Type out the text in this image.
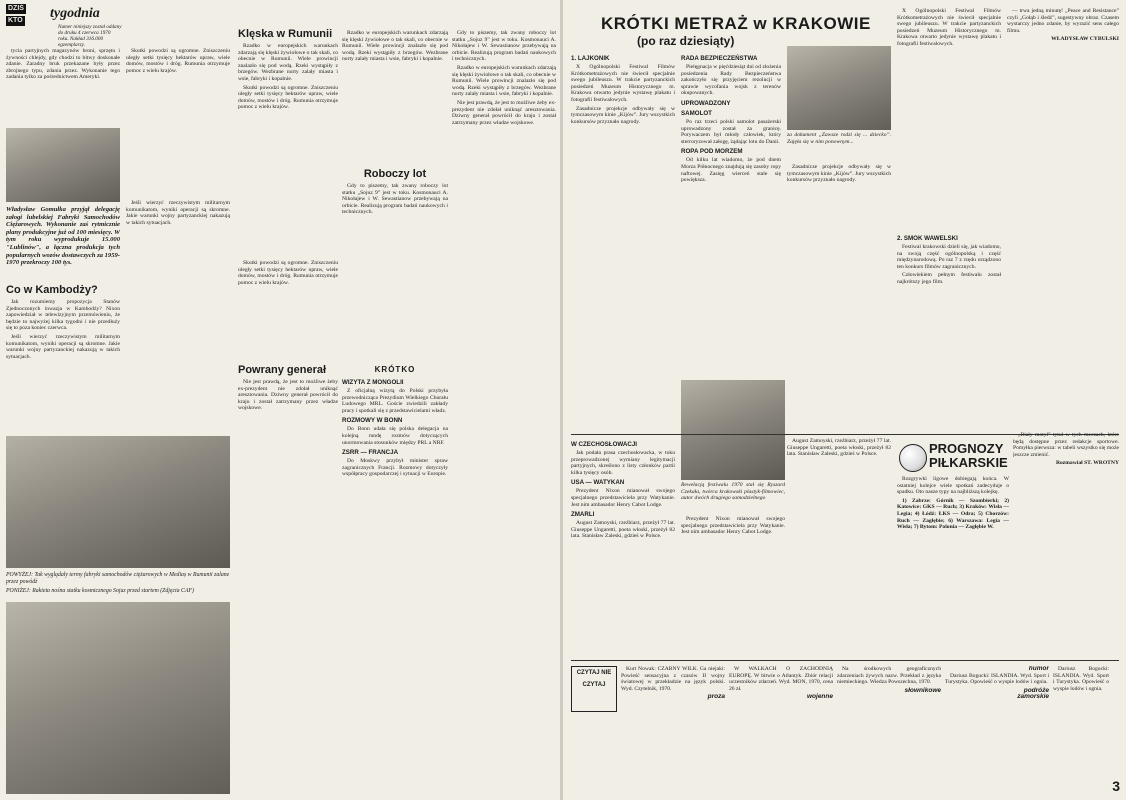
DZIŚ
KTO tygodnia
Numer niniejszy został oddany do druku 4 czerwca 1970 roku. Nakład 316.000 egzemplarzy.

tycia partyjnych magazynów broni, sprzętu i żywności chlejdy, gdy chodzi to bitwy doskonałe zdanie. Zaradny bruk przekazane były przez zbrojnego typu, zdania przez. Wykonanie tego zadania tylko za pośrednictwem Ameryki.

Skutki powodzi są ogromne. Zniszczeniu uległy setki tysięcy hektarów upraw, wiele domów, mostów i dróg. Rumunia otrzymuje pomoc z wielu krajów.

Władysław Gomułka przyjął delegację załogi lubelskiej Fabryki Samochodów Ciężarowych. Wykonanie zaś rytmicznie plany produkcyjne już od 100 miesięcy. W tym roku wyprodukuje 15.000 "Lublinów", a łączna produkcja tych popularnych wozów dostawczych za 1959-1970 przekroczy 100 tys.
Co w Kambodży?

Jak rozumiemy propozycja Stanów Zjednoczonych inwazja w Kambodży? Nixon zapowiedział w telewizyjnym przemówieniu, że będzie to najwyżej kilka tygodni i nie przedłuży się to poza koniec czerwca.

Jeśli wierzyć rzeczywistym militarnym komunikatom, wyniki operacji są skromne. Jakie warunki wojny partyzanckiej nakazują w takich sytuacjach.

Jeśli wierzyć rzeczywistym militarnym komunikatom, wyniki operacji są skromne. Jakie warunki wojny partyzanckiej nakazują w takich sytuacjach.

POWYŻEJ: Tak wyglądały termy fabryki samochodów ciężarowych w Mediaș w Rumunii zalane przez powódź
PONIŻEJ: Rakieta nośna statku kosmicznego Sojuz przed startem (Zdjęcia CAF)
Klęska w Rumunii

Rzadko w europejskich warunkach zdarzają się klęski żywiołowe o tak skali, co obecnie w Rumunii. Wiele prowincji znalazło się pod wodą. Rzeki wystąpiły z brzegów. Wezbrane nurty zalały miasta i wsie, fabryki i kopalnie.

Skutki powodzi są ogromne. Zniszczeniu uległy setki tysięcy hektarów upraw, wiele domów, mostów i dróg. Rumunia otrzymuje pomoc z wielu krajów.

Skutki powodzi są ogromne. Zniszczeniu uległy setki tysięcy hektarów upraw, wiele domów, mostów i dróg. Rumunia otrzymuje pomoc z wielu krajów.

Rzadko w europejskich warunkach zdarzają się klęski żywiołowe o tak skali, co obecnie w Rumunii. Wiele prowincji znalazło się pod wodą. Rzeki wystąpiły z brzegów. Wezbrane nurty zalały miasta i wsie, fabryki i kopalnie.

Roboczy lot

Gdy to piszemy, tak zwany roboczy lot statku „Sojuz 9” jest w toku. Kosmonauci A. Nikołajew i W. Sewastianow przebywają na orbicie. Realizują program badań naukowych i technicznych.

Powrany generał

Nie jest prawdą, że jest to możliwe żeby ex-prezydent nie zdołał uniknąć aresztowania. Dziwny generał powrócił do kraju i został zatrzymany przez władze wojskowe.

KRÓTKO
WIZYTA Z MONGOLII

Z oficjalną wizytą do Polski przybyła przewodnicząca Prezydium Wielkiego Churału Ludowego MRL. Goście zwiedzili zakłady pracy i spotkali się z przedstawicielami władz.

ROZMOWY W BONN

Do Bonn udała się polska delegacja na kolejną rundę rozmów dotyczących unormowania stosunków między PRL a NRF.

ZSRR — FRANCJA

Do Moskwy przybył minister spraw zagranicznych Francji. Rozmowy dotyczyły współpracy gospodarczej i sytuacji w Europie.

Gdy to piszemy, tak zwany roboczy lot statku „Sojuz 9” jest w toku. Kosmonauci A. Nikołajew i W. Sewastianow przebywają na orbicie. Realizują program badań naukowych i technicznych.

Rzadko w europejskich warunkach zdarzają się klęski żywiołowe o tak skali, co obecnie w Rumunii. Wiele prowincji znalazło się pod wodą. Rzeki wystąpiły z brzegów. Wezbrane nurty zalały miasta i wsie, fabryki i kopalnie.

Nie jest prawdą, że jest to możliwe żeby ex-prezydent nie zdołał uniknąć aresztowania. Dziwny generał powrócił do kraju i został zatrzymany przez władze wojskowe.

KRÓTKI METRAŻ w KRAKOWIE
(po raz dziesiąty)
1. LAJKONIK

X Ogólnopolski Festiwal Filmów Krótkometrażowych nie świecił specjalnie swego jubileuszu. W trakcie partyzanckich posiedzeń Muzeum Historycznego m. Krakowa otwarto jedynie wystawę plakatu i fotografii festiwalowych.

Zasadnicze projekcje odbywały się w tymczasowym kinie „Kijów”. Jury wszystkich konkursów przyznało nagrody.

RADA BEZPIECZEŃSTWA

Pielęgnacja w pięćdziesiąt dni od złożenia posiedzenia Rady Bezpieczeństwa zakończyło się przyjęciem rezolucji w sprawie wycofania wojsk z terenów okupowanych.

UPROWADZONY
SAMOLOT

Po raz trzeci polski samolot pasażerski uprowadzony został za granicę. Porywaczem był młody człowiek, który sterroryzował załogę, żądając lotu do Danii.

ROPA POD MORZEM

Od kilku lat wiadomo, że pod dnem Morza Północnego znajdują się zasoby ropy naftowej. Zasięg wierceń stale się powiększa.

za dokument „Zawsze rodzi się ... dziecko”. Zajęła się w nim ponownym...

Zasadnicze projekcje odbywały się w tymczasowym kinie „Kijów”. Jury wszystkich konkursów przyznało nagrody.

X Ogólnopolski Festiwal Filmów Krótkometrażowych nie świecił specjalnie swego jubileuszu. W trakcie partyzanckich posiedzeń Muzeum Historycznego m. Krakowa otwarto jedynie wystawę plakatu i fotografii festiwalowych.

— trwa jedną minutę! „Peace and Resistance” czyli „Gołąb i śledź”, sugestywny obraz. Czasem wystarczy jedno zdanie, by wyrazić sens całego filmu.

WŁADYSŁAW CYBULSKI

Rewelacją festiwalu 1970 stał się Ryszard Czekała, twórca krakowski plastyk-filmowiec, autor dwóch drugiego samodzielnego
2. SMOK WAWELSKI

Festiwal krakowski dzieli się, jak wiadomo, na swoją część ogólnopolską i część międzynarodową. Po raz 7 z rzędu urządzono ten konkurs filmów zagranicznych.

Człowiekiem pełnym festiwalu został najkrótszy jego film.

W CZECHOSŁOWACJI

Jak podała prasa czechosłowacka, w toku przeprowadzonej wymiany legitymacji partyjnych, skreślono z listy członków partii kilka tysięcy osób.

USA — WATYKAN

Prezydent Nixon mianował swojego specjalnego przedstawiciela przy Watykanie. Jest nim ambasador Henry Cabot Lodge.

ZMARLI

August Zamoyski, rzeźbiarz, przeżył 77 lat. Giuseppe Ungaretti, poeta włoski, przeżył 82 lata. Stanisław Zaleski, gdzieś w Polsce.

Prezydent Nixon mianował swojego specjalnego przedstawiciela przy Watykanie. Jest nim ambasador Henry Cabot Lodge.

August Zamoyski, rzeźbiarz, przeżył 77 lat. Giuseppe Ungaretti, poeta włoski, przeżył 82 lata. Stanisław Zaleski, gdzieś w Polsce.	PROGNOZY PIŁKARSKIE

Rozgrywki ligowe dobiegają końca. W ostatniej kolejce wiele spotkań zadecyduje o spadku. Oto nasze typy na najbliższą kolejkę.

1) Zabrze: Górnik — Szombierki; 2) Katowice: GKS — Ruch; 3) Kraków: Wisła — Legia; 4) Łódź: ŁKS — Odra; 5) Chorzów: Ruch — Zagłębie; 6) Warszawa: Legia — Wisła; 7) Bytom: Polonia — Zagłębie W.

„Biały motyl” tytuł w tych meczach, które będą dostępne przez redakcje sportowe. Pomyłka pierwsza: w tabeli wszystko się może jeszcze zmienić.

Rozmawiał ST. WROTNY

CZYTAJ NIE CZYTAJ

Kurt Nowak: CZARNY WILK. Ga niejaki: Powieść sensacyjna z czasów II wojny światowej w przekładzie na język polski. Wyd. Czytelnik, 1970.

proza

W WALKACH O ZACHODNIĄ EUROPĘ. W bitwie o Atlantyk. Zbiór relacji uczestników zdarzeń. Wyd. MON, 1970, cena 26 zł.

wojenne

Na środkowych geograficznych zdarzeniach żywych nazw. Przekład z języka niemieckiego. Wiedza Powszechna, 1970.

słownikowe
humor

Dariusz Bogucki: ISLANDIA. Wyd. Sport i Turystyka. Opowieść o wyspie lodów i ognia.

podróże
zamorskie

Dariusz Bogucki: ISLANDIA. Wyd. Sport i Turystyka. Opowieść o wyspie lodów i ognia.

3
